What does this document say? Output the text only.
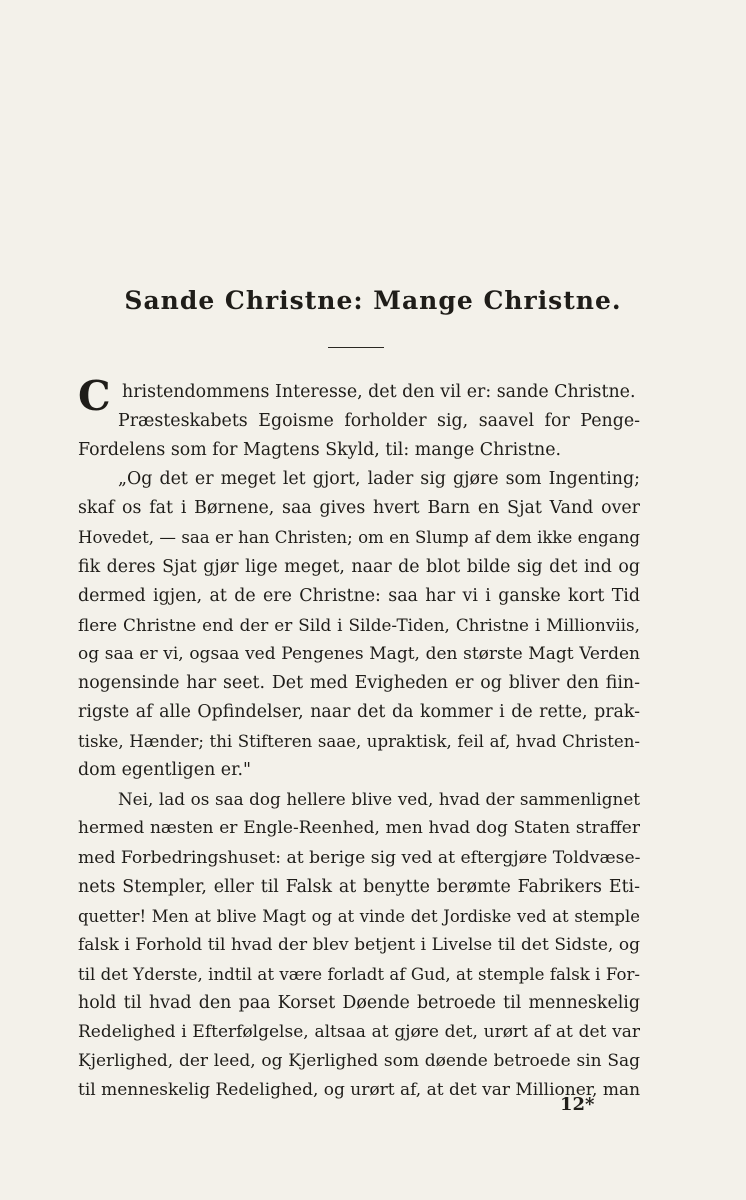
Sande Christne: Mange Christne.
C hristendommens Interesse, det den vil er: sande Christne.
Præsteskabets Egoisme forholder sig, saavel for Penge-
Fordelens som for Magtens Skyld, til: mange Christne.
„Og det er meget let gjort, lader sig gjøre som Ingenting;
skaf os fat i Børnene, saa gives hvert Barn en Sjat Vand over
Hovedet, — saa er han Christen; om en Slump af dem ikke engang
fik deres Sjat gjør lige meget, naar de blot bilde sig det ind og
dermed igjen, at de ere Christne: saa har vi i ganske kort Tid
flere Christne end der er Sild i Silde-Tiden, Christne i Millionviis,
og saa er vi, ogsaa ved Pengenes Magt, den største Magt Verden
nogensinde har seet. Det med Evigheden er og bliver den fiin-
rigste af alle Opfindelser, naar det da kommer i de rette, prak-
tiske, Hænder; thi Stifteren saae, upraktisk, feil af, hvad Christen-
dom egentligen er."
Nei, lad os saa dog hellere blive ved, hvad der sammenlignet
hermed næsten er Engle-Reenhed, men hvad dog Staten straffer
med Forbedringshuset: at berige sig ved at eftergjøre Toldvæse-
nets Stempler, eller til Falsk at benytte berømte Fabrikers Eti-
quetter! Men at blive Magt og at vinde det Jordiske ved at stemple
falsk i Forhold til hvad der blev betjent i Livelse til det Sidste, og
til det Yderste, indtil at være forladt af Gud, at stemple falsk i For-
hold til hvad den paa Korset Døende betroede til menneskelig
Redelighed i Efterfølgelse, altsaa at gjøre det, urørt af at det var
Kjerlighed, der leed, og Kjerlighed som døende betroede sin Sag
til menneskelig Redelighed, og urørt af, at det var Millioner, man
12*
